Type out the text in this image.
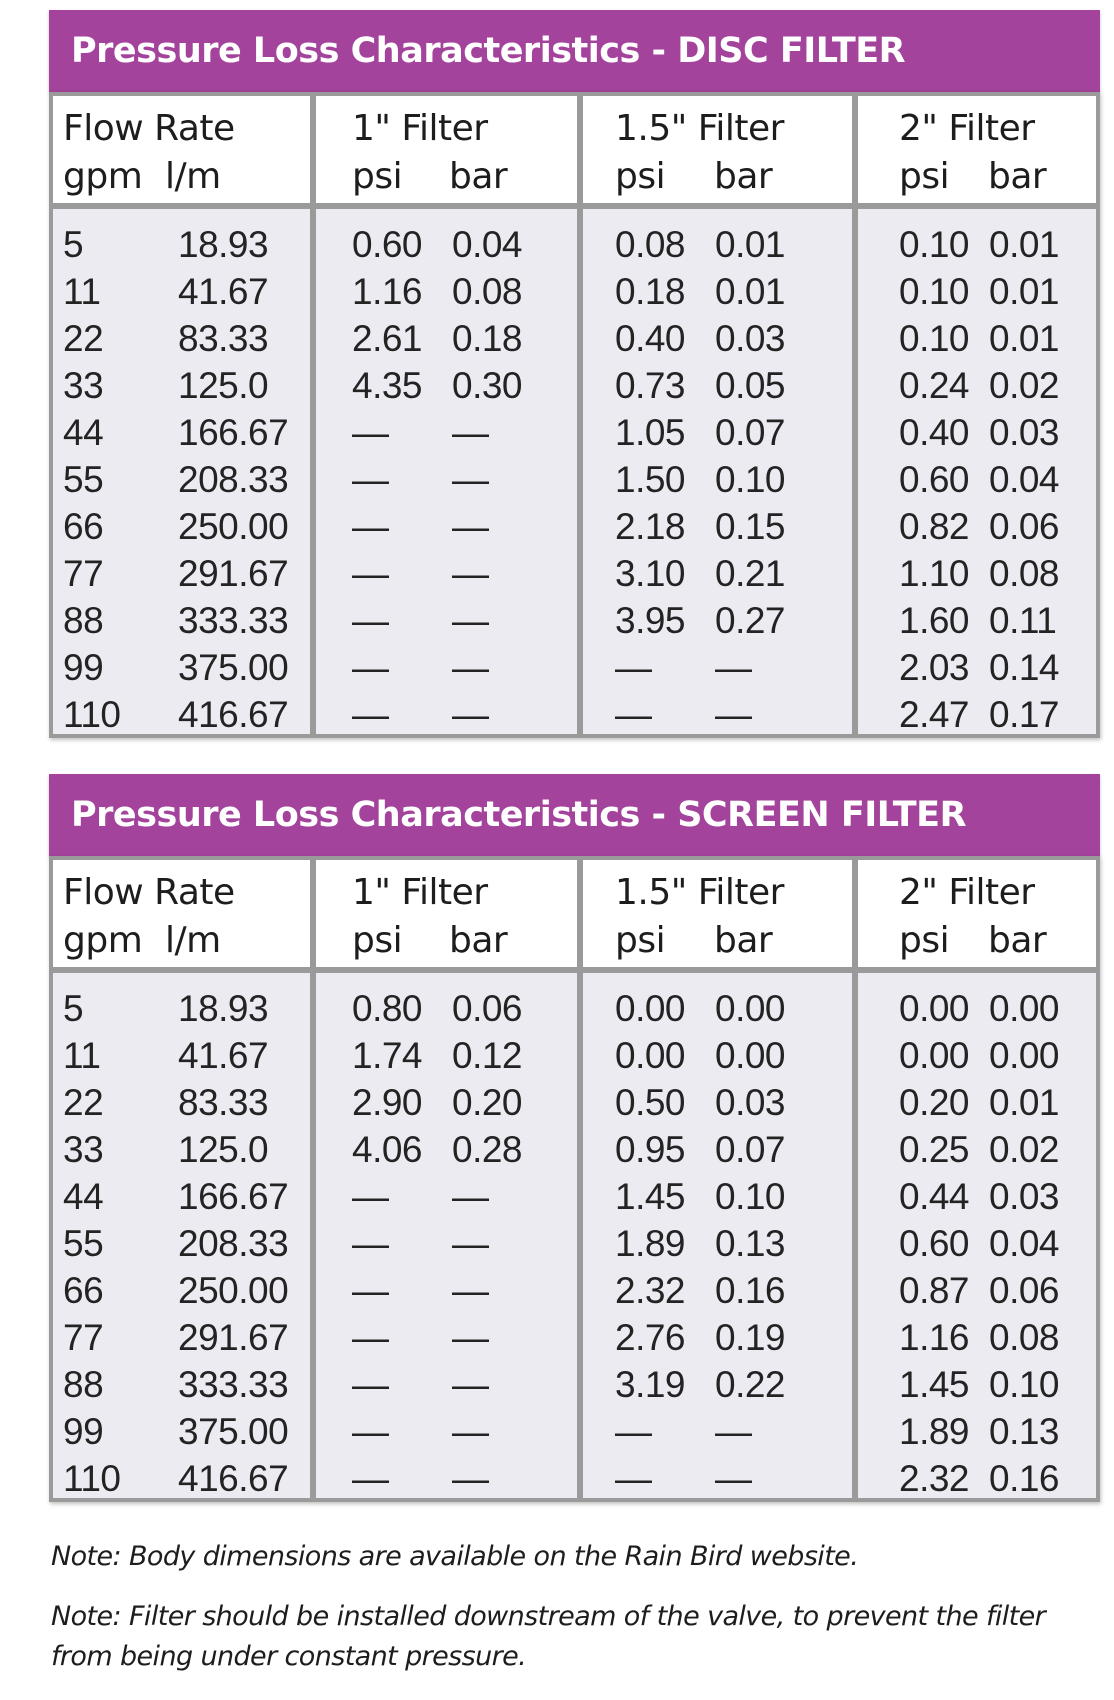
Pressure Loss Characteristics - DISC FILTER
Flow Rate
gpm l/m
5	18.93
11 41.67
22 83.33
33 125.0
44 166.67
55 208.33
66 250.00
77 291.67
88 333.33
99 375.00
110 416.67
1" Filter
psi bar
0.60 0.04
1.16 0.08
2.61 0.18
4.35 0.30
— —
— —
— —
— —
— —
— —
— —
1.5" Filter
psi bar
0.08 0.01
0.18 0.01
0.40 0.03
0.73 0.05
1.05 0.07
1.50 0.10
2.18 0.15
3.10 0.21
3.95 0.27
— —
— —
2" Filter
psi bar
0.10 0.01
0.10 0.01
0.10 0.01
0.24 0.02
0.40 0.03
0.60 0.04
0.82 0.06
1.10 0.08
1.60 0.11
2.03 0.14
2.47 0.17
Pressure Loss Characteristics - SCREEN FILTER
Flow Rate
gpm l/m
5	18.93
11 41.67
22 83.33
33 125.0
44 166.67
55 208.33
66 250.00
77 291.67
88 333.33
99 375.00
110 416.67
1" Filter
psi bar
0.80 0.06
1.74 0.12
2.90 0.20
4.06 0.28
— —
— —
— —
— —
— —
— —
— —
1.5" Filter
psi bar
0.00 0.00
0.00 0.00
0.50 0.03
0.95 0.07
1.45 0.10
1.89 0.13
2.32 0.16
2.76 0.19
3.19 0.22
— —
— —
2" Filter
psi bar
0.00 0.00
0.00 0.00
0.20 0.01
0.25 0.02
0.44 0.03
0.60 0.04
0.87 0.06
1.16 0.08
1.45 0.10
1.89 0.13
2.32 0.16
Note: Body dimensions are available on the Rain Bird website.
Note: Filter should be installed downstream of the valve, to prevent the filter from being under constant pressure.
